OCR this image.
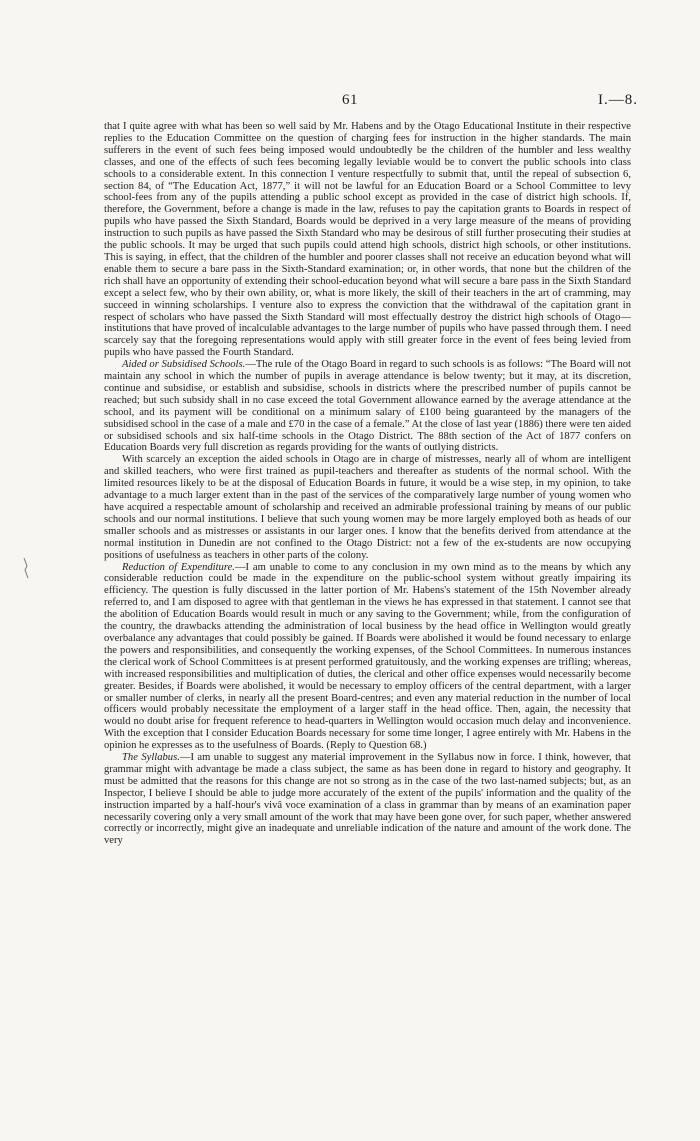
61	I.—8.

that I quite agree with what has been so well said by Mr. Habens and by the Otago Educational Institute in their respective replies to the Education Committee on the question of charging fees for instruction in the higher standards. The main sufferers in the event of such fees being imposed would undoubtedly be the children of the humbler and less wealthy classes, and one of the effects of such fees becoming legally leviable would be to convert the public schools into class schools to a considerable extent. In this connection I venture respectfully to submit that, until the repeal of subsection 6, section 84, of “The Education Act, 1877,” it will not be lawful for an Education Board or a School Committee to levy school-fees from any of the pupils attending a public school except as provided in the case of district high schools. If, therefore, the Government, before a change is made in the law, refuses to pay the capitation grants to Boards in respect of pupils who have passed the Sixth Standard, Boards would be deprived in a very large measure of the means of providing instruction to such pupils as have passed the Sixth Standard who may be desirous of still further prosecuting their studies at the public schools. It may be urged that such pupils could attend high schools, district high schools, or other institutions. This is saying, in effect, that the children of the humbler and poorer classes shall not receive an education beyond what will enable them to secure a bare pass in the Sixth-Standard examination; or, in other words, that none but the children of the rich shall have an opportunity of extending their school-education beyond what will secure a bare pass in the Sixth Standard except a select few, who by their own ability, or, what is more likely, the skill of their teachers in the art of cramming, may succeed in winning scholarships. I venture also to express the conviction that the withdrawal of the capitation grant in respect of scholars who have passed the Sixth Standard will most effectually destroy the district high schools of Otago—institutions that have proved of incalculable advantages to the large number of pupils who have passed through them. I need scarcely say that the foregoing representations would apply with still greater force in the event of fees being levied from pupils who have passed the Fourth Standard.

Aided or Subsidised Schools.—The rule of the Otago Board in regard to such schools is as follows: “The Board will not maintain any school in which the number of pupils in average attendance is below twenty; but it may, at its discretion, continue and subsidise, or establish and subsidise, schools in districts where the prescribed number of pupils cannot be reached; but such subsidy shall in no case exceed the total Government allowance earned by the average attendance at the school, and its payment will be conditional on a minimum salary of £100 being guaranteed by the managers of the subsidised school in the case of a male and £70 in the case of a female.” At the close of last year (1886) there were ten aided or subsidised schools and six half-time schools in the Otago District. The 88th section of the Act of 1877 confers on Education Boards very full discretion as regards providing for the wants of outlying districts.

With scarcely an exception the aided schools in Otago are in charge of mistresses, nearly all of whom are intelligent and skilled teachers, who were first trained as pupil-teachers and thereafter as students of the normal school. With the limited resources likely to be at the disposal of Education Boards in future, it would be a wise step, in my opinion, to take advantage to a much larger extent than in the past of the services of the comparatively large number of young women who have acquired a respectable amount of scholarship and received an admirable professional training by means of our public schools and our normal institutions. I believe that such young women may be more largely employed both as heads of our smaller schools and as mistresses or assistants in our larger ones. I know that the benefits derived from attendance at the normal institution in Dunedin are not confined to the Otago District: not a few of the ex-students are now occupying positions of usefulness as teachers in other parts of the colony.

Reduction of Expenditure.—I am unable to come to any conclusion in my own mind as to the means by which any considerable reduction could be made in the expenditure on the public-school system without greatly impairing its efficiency. The question is fully discussed in the latter portion of Mr. Habens's statement of the 15th November already referred to, and I am disposed to agree with that gentleman in the views he has expressed in that statement. I cannot see that the abolition of Education Boards would result in much or any saving to the Government; while, from the configuration of the country, the drawbacks attending the administration of local business by the head office in Wellington would greatly overbalance any advantages that could possibly be gained. If Boards were abolished it would be found necessary to enlarge the powers and responsibilities, and consequently the working expenses, of the School Committees. In numerous instances the clerical work of School Committees is at present performed gratuitously, and the working expenses are trifling; whereas, with increased responsibilities and multiplication of duties, the clerical and other office expenses would necessarily become greater. Besides, if Boards were abolished, it would be necessary to employ officers of the central department, with a larger or smaller number of clerks, in nearly all the present Board-centres; and even any material reduction in the number of local officers would probably necessitate the employment of a larger staff in the head office. Then, again, the necessity that would no doubt arise for frequent reference to head-quarters in Wellington would occasion much delay and inconvenience. With the exception that I consider Education Boards necessary for some time longer, I agree entirely with Mr. Habens in the opinion he expresses as to the usefulness of Boards. (Reply to Question 68.)

The Syllabus.—I am unable to suggest any material improvement in the Syllabus now in force. I think, however, that grammar might with advantage be made a class subject, the same as has been done in regard to history and geography. It must be admitted that the reasons for this change are not so strong as in the case of the two last-named subjects; but, as an Inspector, I believe I should be able to judge more accurately of the extent of the pupils' information and the quality of the instruction imparted by a half-hour's vivâ voce examination of a class in grammar than by means of an examination paper necessarily covering only a very small amount of the work that may have been gone over, for such paper, whether answered correctly or incorrectly, might give an inadequate and unreliable indication of the nature and amount of the work done. The very
